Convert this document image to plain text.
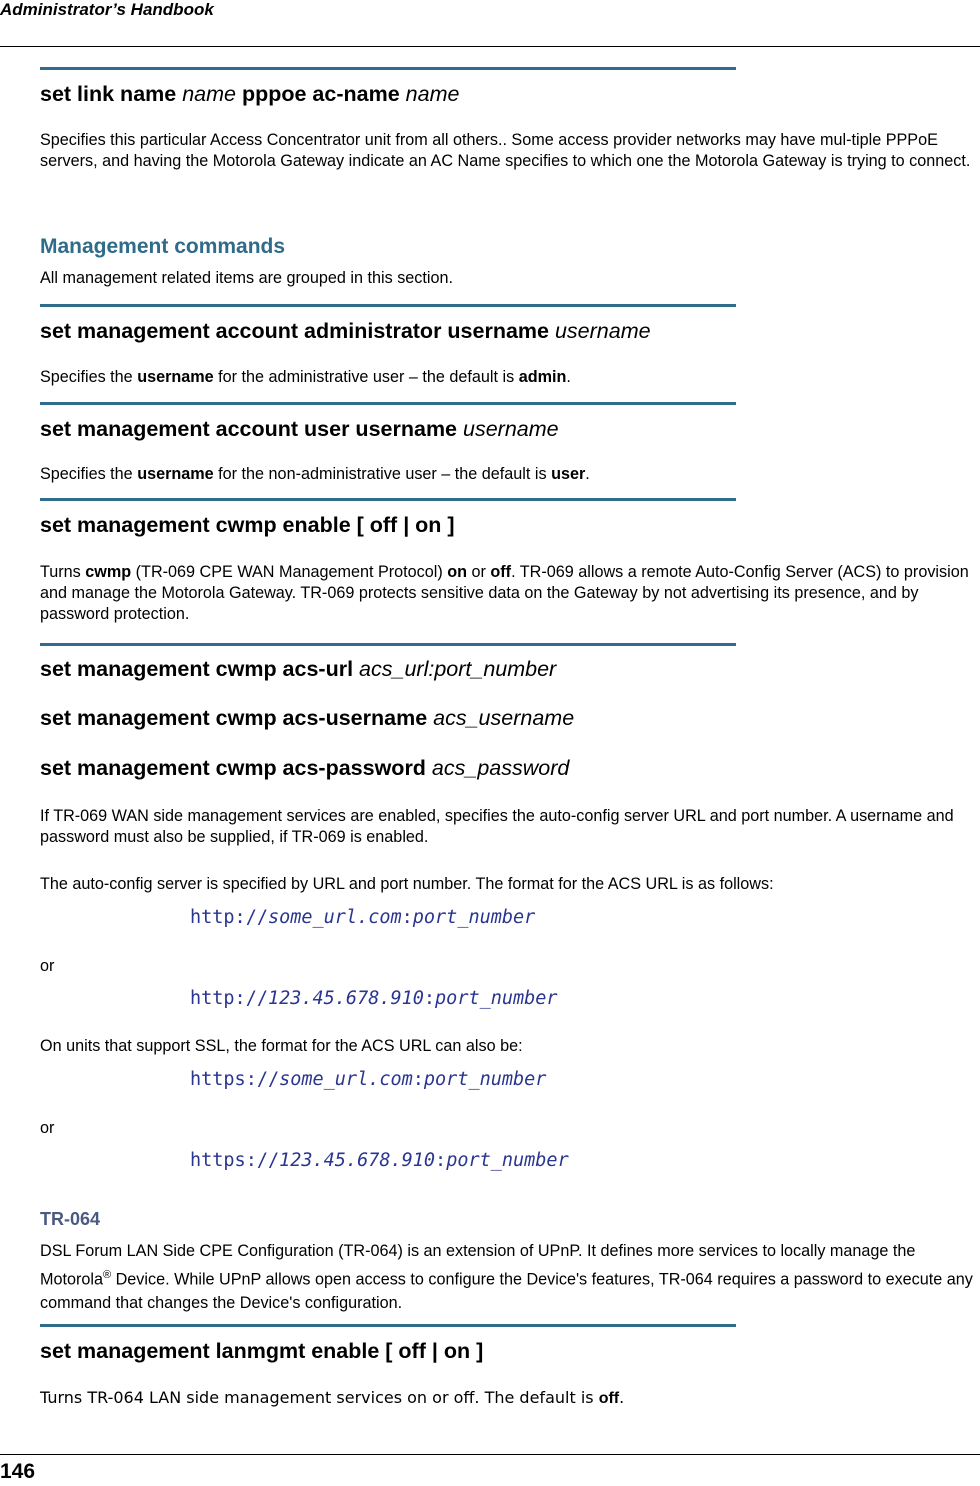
Administrator’s Handbook
set link name name pppoe ac-name name
Specifies this particular Access Concentrator unit from all others.. Some access provider networks may have mul-tiple PPPoE servers, and having the Motorola Gateway indicate an AC Name specifies to which one the Motorola Gateway is trying to connect.
Management commands
All management related items are grouped in this section.
set management account administrator username username
Specifies the username for the administrative user – the default is admin.
set management account user username username
Specifies the username for the non-administrative user – the default is user.
set management cwmp enable [ off | on ]
Turns cwmp (TR-069 CPE WAN Management Protocol) on or off. TR-069 allows a remote Auto-Config Server (ACS) to provision and manage the Motorola Gateway. TR-069 protects sensitive data on the Gateway by not advertising its presence, and by password protection.
set management cwmp acs-url acs_url:port_number
set management cwmp acs-username acs_username
set management cwmp acs-password acs_password
If TR-069 WAN side management services are enabled, specifies the auto-config server URL and port number. A username and password must also be supplied, if TR-069 is enabled.
The auto-config server is specified by URL and port number. The format for the ACS URL is as follows:
http://some_url.com:port_number
or
http://123.45.678.910:port_number
On units that support SSL, the format for the ACS URL can also be:
https://some_url.com:port_number
or
https://123.45.678.910:port_number
TR-064
DSL Forum LAN Side CPE Configuration (TR-064) is an extension of UPnP. It defines more services to locally manage the Motorola® Device. While UPnP allows open access to configure the Device's features, TR-064 requires a password to execute any command that changes the Device's configuration.
set management lanmgmt enable [ off | on ]
Turns TR-064 LAN side management services on or off. The default is off.
146
